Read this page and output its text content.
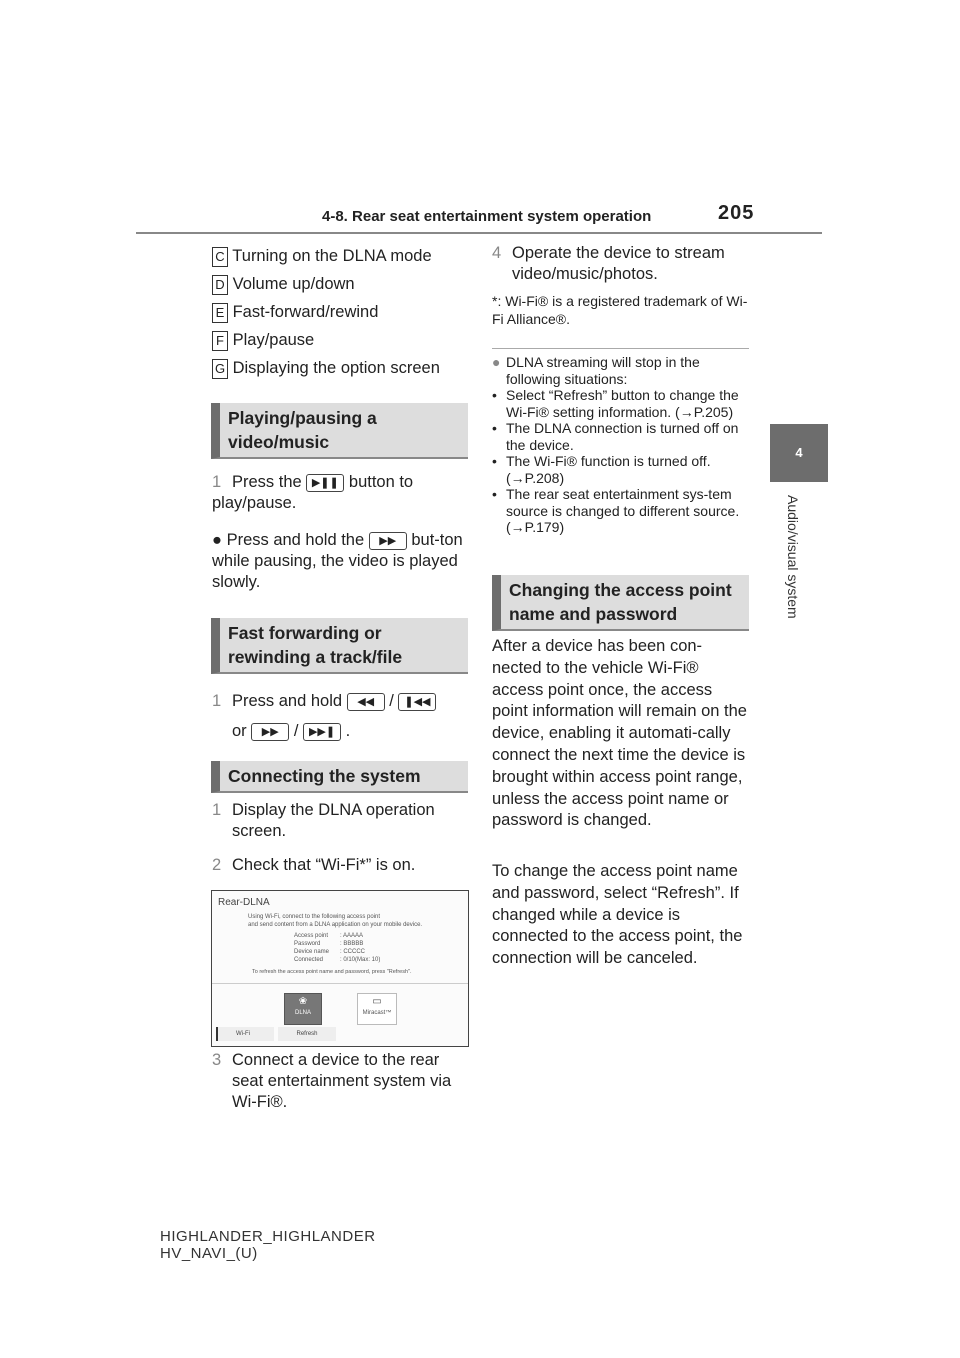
4-8. Rear seat entertainment system operation	205
4
Audio/visual system
C Turning on the DLNA mode
D Volume up/down
E Fast-forward/rewind
F Play/pause
G Displaying the option screen
Playing/pausing a video/music
1 Press the ▶❚❚ button to play/pause.
● Press and hold the ▶▶ but-ton while pausing, the video is played slowly.
Fast forwarding or rewinding a track/file
1 Press and hold ◀◀ / ❚◀◀
or ▶▶ / ▶▶❚ .
Connecting the system
1 Display the DLNA operation screen.
2 Check that “Wi-Fi*” is on.
Rear-DLNA
Using Wi-Fi, connect to the following access point
and send content from a DLNA application on your mobile device.
Access point : AAAAA
Password	: BBBBB
Device name : CCCCC
Connected	: 0/10(Max: 10)
To refresh the access point name and password, press "Refresh".
❀
DLNA
▭
Miracast™
Wi-Fi	Refresh
3 Connect a device to the rear seat entertainment system via Wi-Fi®.
4 Operate the device to stream video/music/photos.
*: Wi-Fi® is a registered trademark of Wi-Fi Alliance®.
● DLNA streaming will stop in the following situations:
• Select “Refresh” button to change the Wi-Fi® setting information. (→P.205)
• The DLNA connection is turned off on the device.
• The Wi-Fi® function is turned off. (→P.208)
• The rear seat entertainment sys-tem source is changed to different source. (→P.179)
Changing the access point name and password
After a device has been con-nected to the vehicle Wi-Fi® access point once, the access point information will remain on the device, enabling it automati-cally connect the next time the device is brought within access point range, unless the access point name or password is changed.
To change the access point name and password, select “Refresh”. If changed while a device is connected to the access point, the connection will be canceled.
HIGHLANDER_HIGHLANDER
HV_NAVI_(U)
